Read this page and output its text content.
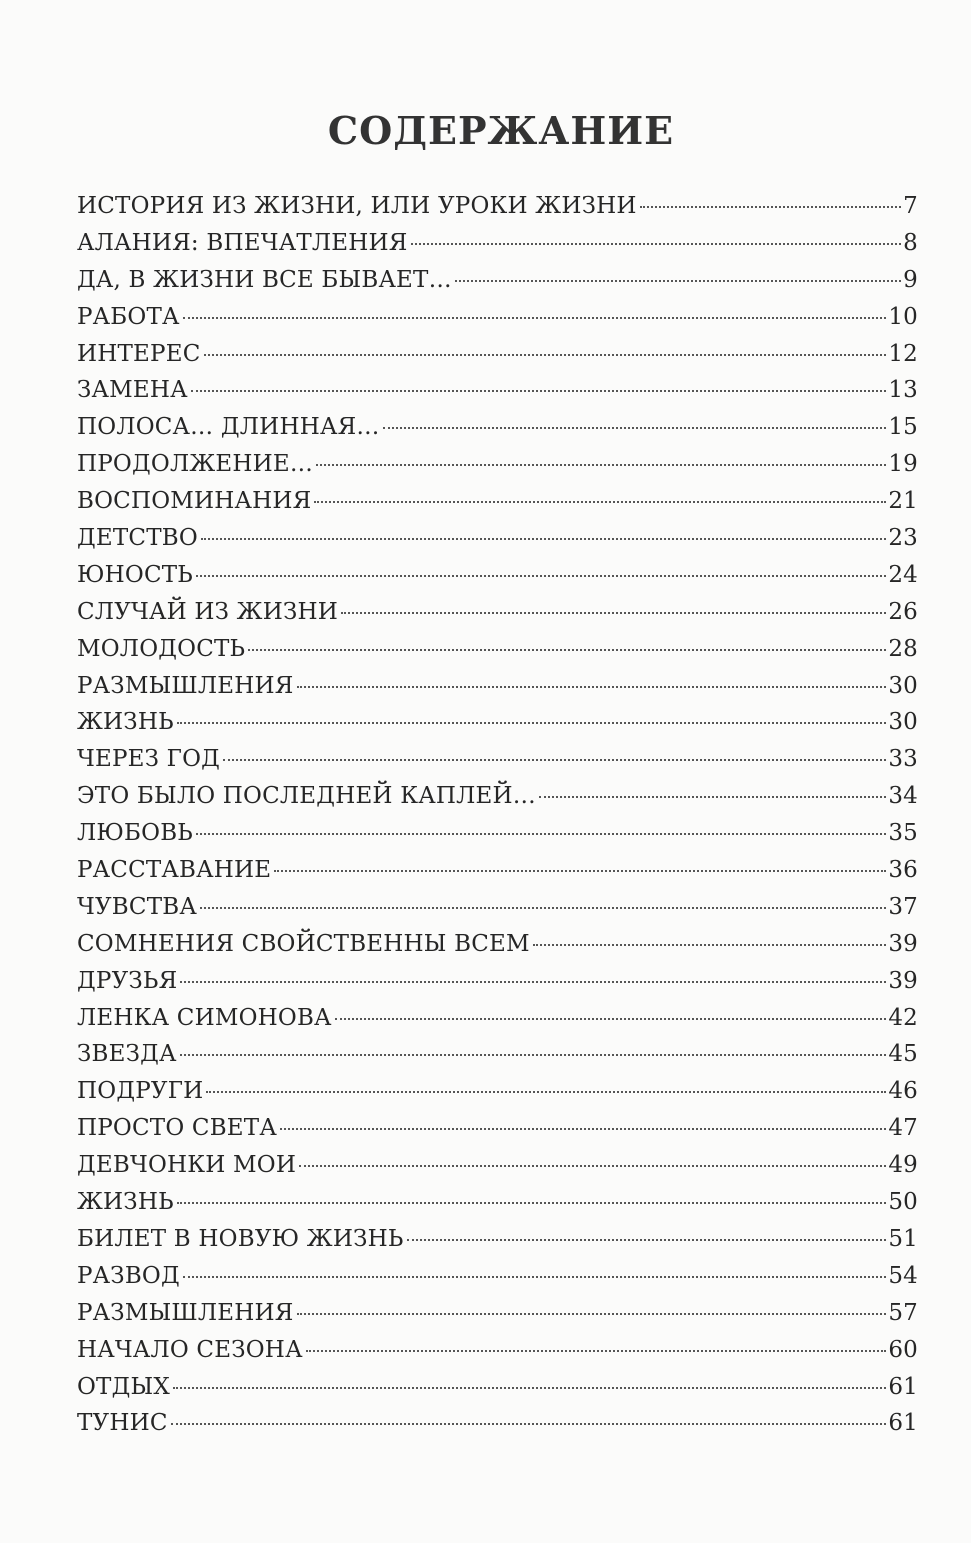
СОДЕРЖАНИЕ
ИСТОРИЯ ИЗ ЖИЗНИ, ИЛИ УРОКИ ЖИЗНИ	7
АЛАНИЯ: ВПЕЧАТЛЕНИЯ	8
ДА, В ЖИЗНИ ВСЕ БЫВАЕТ…	9
РАБОТА	10
ИНТЕРЕС	12
ЗАМЕНА	13
ПОЛОСА… ДЛИННАЯ…	15
ПРОДОЛЖЕНИЕ…	19
ВОСПОМИНАНИЯ	21
ДЕТСТВО	23
ЮНОСТЬ	24
СЛУЧАЙ ИЗ ЖИЗНИ	26
МОЛОДОСТЬ	28
РАЗМЫШЛЕНИЯ	30
ЖИЗНЬ	30
ЧЕРЕЗ ГОД	33
ЭТО БЫЛО ПОСЛЕДНЕЙ КАПЛЕЙ…	34
ЛЮБОВЬ	35
РАССТАВАНИЕ	36
ЧУВСТВА	37
СОМНЕНИЯ СВОЙСТВЕННЫ ВСЕМ	39
ДРУЗЬЯ	39
ЛЕНКА СИМОНОВА	42
ЗВЕЗДА	45
ПОДРУГИ	46
ПРОСТО СВЕТА	47
ДЕВЧОНКИ МОИ	49
ЖИЗНЬ	50
БИЛЕТ В НОВУЮ ЖИЗНЬ	51
РАЗВОД	54
РАЗМЫШЛЕНИЯ	57
НАЧАЛО СЕЗОНА	60
ОТДЫХ	61
ТУНИС	61
